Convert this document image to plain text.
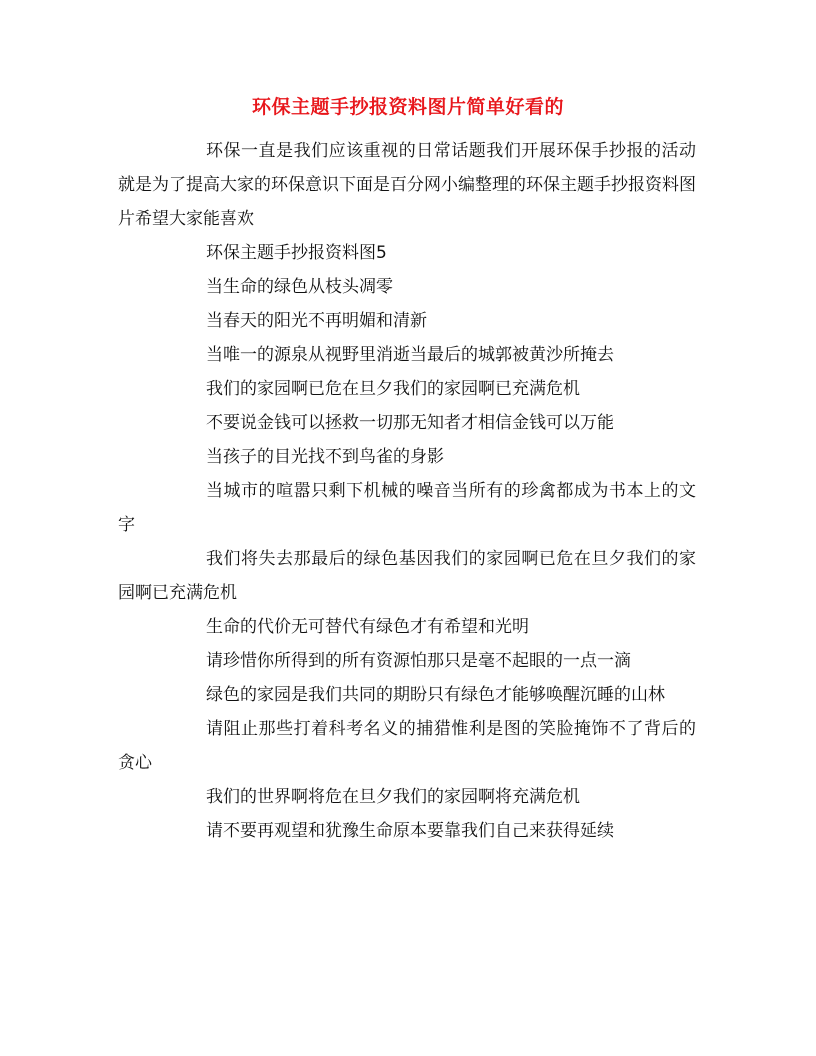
环保主题手抄报资料图片简单好看的

环保一直是我们应该重视的日常话题我们开展环保手抄报的活动就是为了提高大家的环保意识下面是百分网小编整理的环保主题手抄报资料图片希望大家能喜欢

环保主题手抄报资料图5

当生命的绿色从枝头凋零

当春天的阳光不再明媚和清新

当唯一的源泉从视野里消逝当最后的城郭被黄沙所掩去

我们的家园啊已危在旦夕我们的家园啊已充满危机

不要说金钱可以拯救一切那无知者才相信金钱可以万能

当孩子的目光找不到鸟雀的身影

当城市的喧嚣只剩下机械的噪音当所有的珍禽都成为书本上的文字

我们将失去那最后的绿色基因我们的家园啊已危在旦夕我们的家园啊已充满危机

生命的代价无可替代有绿色才有希望和光明

请珍惜你所得到的所有资源怕那只是毫不起眼的一点一滴

绿色的家园是我们共同的期盼只有绿色才能够唤醒沉睡的山林

请阻止那些打着科考名义的捕猎惟利是图的笑脸掩饰不了背后的贪心

我们的世界啊将危在旦夕我们的家园啊将充满危机

请不要再观望和犹豫生命原本要靠我们自己来获得延续
